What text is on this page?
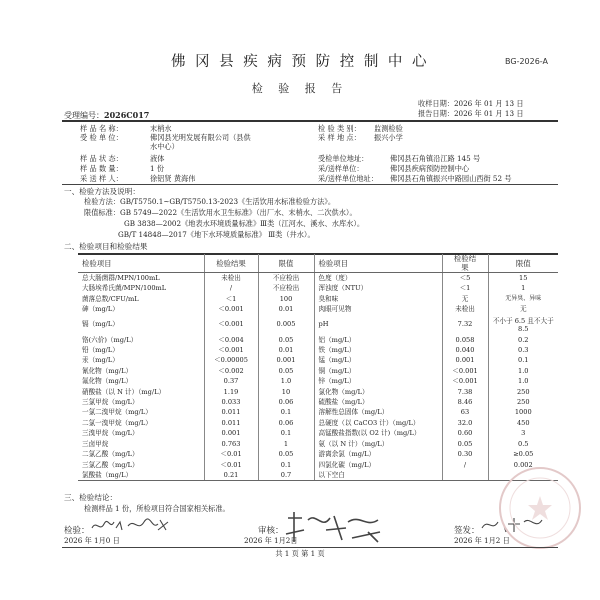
佛 冈 县 疾 病 预 防 控 制 中 心	BG-2026-A
检 验 报 告
收样日期：2026 年 01 月 13 日
报告日期：2026 年 01 月 13 日
受理编号：2026C017
样 品 名 称：	末梢水	检 验 类 别： 监测检验
受 检 单 位：	佛冈县光明发展有限公司（县供	采 样 地 点： 振兴小学
水中心）
样 品 状 态：	液体	受检单位地址：	佛冈县石角镇沿江路 145 号
样 品 数 量：	1 份	采/送样单位：	佛冈县疾病预防控制中心
采 送 样 人：	徐铝贤 黄海伟	采/送样单位地址： 佛冈县石角镇振兴中路园山西街 52 号
一、检验方法及说明：
检验方法：GB/T5750.1~GB/T5750.13-2023《生活饮用水标准检验方法》。
限值标准：GB 5749—2022《生活饮用水卫生标准》（出厂水、末梢水、二次供水）。
GB 3838—2002《地表水环境质量标准》Ⅲ类（江河水、溪水、水库水）。
GB/T 14848—2017《地下水环境质量标准》 Ⅲ类（井水）。
二、检验项目和检验结果
检验项目	检验结果	限值	检验项目	检验结
果	限值
总大肠菌群/MPN/100mL	未检出	不应检出	色度（度）	＜5	15
大肠埃希氏菌/MPN/100mL	/	不应检出	浑浊度（NTU）	＜1	1
菌落总数/CFU/mL	＜1	100	臭和味	无	无异臭、异味
砷（mg/L）	＜0.001	0.01	肉眼可见物	未检出	无
镉（mg/L）	＜0.001	0.005	pH	7.32	不小于 6.5 且不大于 8.5
铬(六价)（mg/L）	＜0.004	0.05	铝（mg/L）	0.058	0.2
铅（mg/L）	＜0.001	0.01	铁（mg/L）	0.040	0.3
汞（mg/L）	＜0.00005	0.001	锰（mg/L）	0.001	0.1
氰化物（mg/L）	＜0.002	0.05	铜（mg/L）	＜0.001	1.0
氟化物（mg/L）	0.37	1.0	锌（mg/L）	＜0.001	1.0
硝酸盐（以 N 计）（mg/L）	1.19	10	氯化物（mg/L）	7.38	250
三氯甲烷（mg/L）	0.033	0.06	硫酸盐（mg/L）	8.46	250
一氯二溴甲烷（mg/L）	0.011	0.1	溶解性总固体（mg/L）	63	1000
二氯一溴甲烷（mg/L）	0.011	0.06	总硬度（以 CaCO3 计）（mg/L）	32.0	450
三溴甲烷（mg/L）	0.001	0.1	高锰酸盐指数(以 O2 计)（mg/L）	0.60	3
三卤甲烷	0.763	1	氨（以 N 计）（mg/L）	0.05	0.5
二氯乙酸（mg/L）	＜0.01	0.05	游离余氯（mg/L）	0.30	≥0.05
三氯乙酸（mg/L）	＜0.01	0.1	四氯化碳（mg/L）	/	0.002
氯酸盐（mg/L）	0.21	0.7	以下空白		
三、检验结论：
检测样品 1 份，所检项目符合国家相关标准。
检验：
2026 年 1月0 日
审核：
2026 年 1月2日
签发：
2026 年 1月2 日
共 1 页 第 1 页
